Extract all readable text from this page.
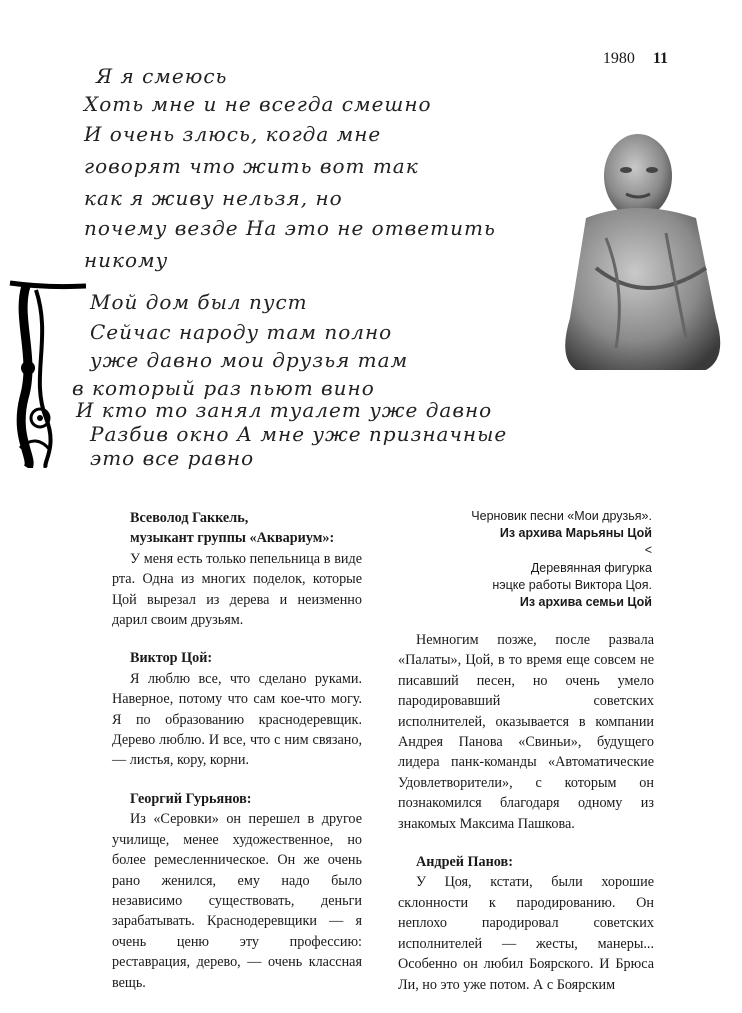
1980 11
Я я смеюсь
Хоть мне и не всегда смешно
И очень злюсь, когда мне
говорят что жить вот так
как я живу нельзя, но
почему везде На это не ответить
никому
Мой дом был пуст
Сейчас народу там полно
уже давно мои друзья там
в который раз пьют вино
И кто то занял туалет уже давно
Разбив окно А мне уже призначные
это все равно
Черновик песни «Мои друзья».
Из архива Марьяны Цой
<
Деревянная фигурка
нэцке работы Виктора Цоя.
Из архива семьи Цой

Всеволод Гаккель,

музыкант группы «Аквариум»:

У меня есть только пепельница в виде рта. Одна из многих поделок, которые Цой вырезал из дерева и неизменно дарил своим друзьям.

Виктор Цой:

Я люблю все, что сделано руками. Наверное, потому что сам кое-что могу. Я по образованию краснодеревщик. Дерево люблю. И все, что с ним связано, — листья, кору, корни.

Георгий Гурьянов:

Из «Серовки» он перешел в другое училище, менее художественное, но более ремесленническое. Он же очень рано женился, ему надо было независимо существовать, деньги зарабатывать. Краснодеревщики — я очень ценю эту профессию: реставрация, дерево, — очень классная вещь.

Немногим позже, после развала «Палаты», Цой, в то время еще совсем не писавший песен, но очень умело пародировавший советских исполнителей, оказывается в компании Андрея Панова «Свиньи», будущего лидера панк-команды «Автоматические Удовлетворители», с которым он познакомился благодаря одному из знакомых Максима Пашкова.

Андрей Панов:

У Цоя, кстати, были хорошие склонности к пародированию. Он неплохо пародировал советских исполнителей — жесты, манеры... Особенно он любил Боярского. И Брюса Ли, но это уже потом. А с Боярским
